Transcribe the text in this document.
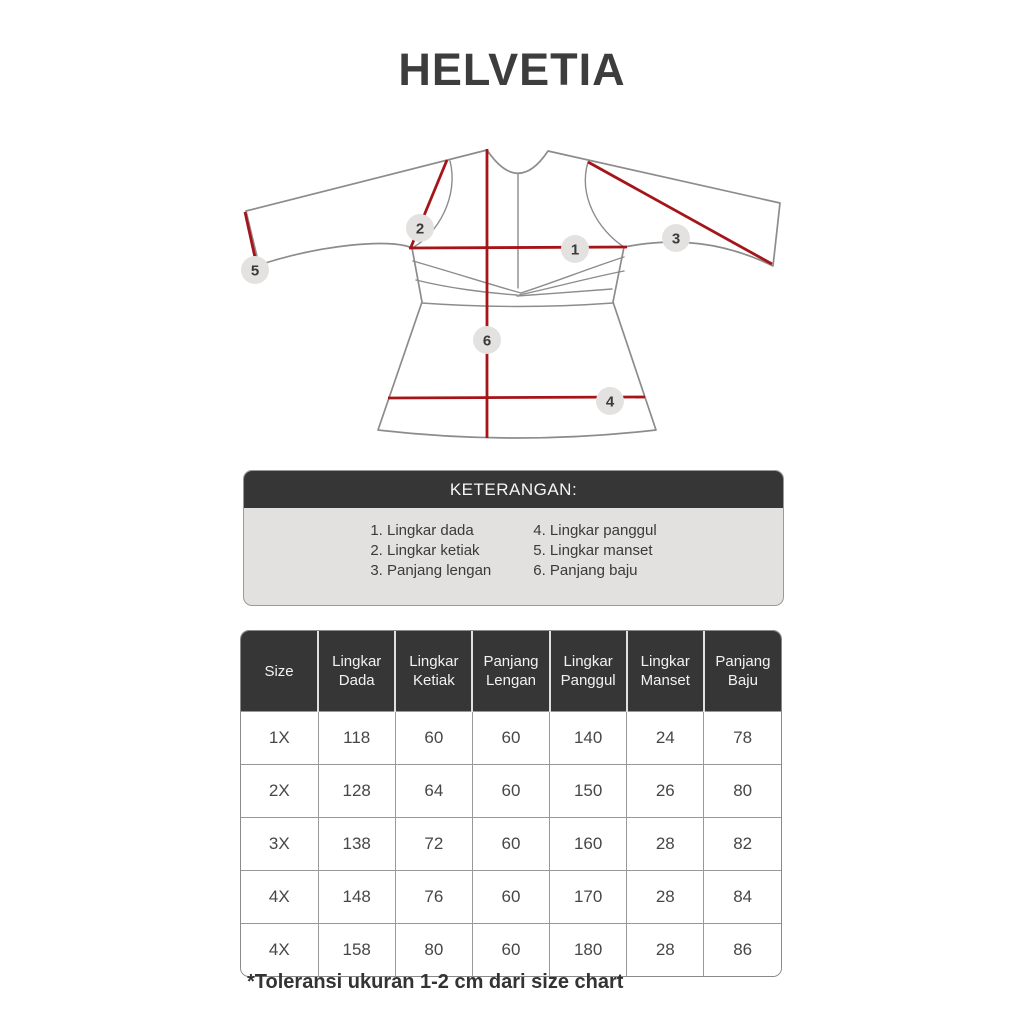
HELVETIA
1
2
3
4
5
6
KETERANGAN:
1. Lingkar dada
2. Lingkar ketiak
3. Panjang lengan
4. Lingkar panggul
5. Lingkar manset
6. Panjang baju
Size	Lingkar Dada	Lingkar Ketiak	Panjang Lengan	Lingkar Panggul	Lingkar Manset	Panjang Baju
1X	118	60	60	140	24	78
2X	128	64	60	150	26	80
3X	138	72	60	160	28	82
4X	148	76	60	170	28	84
4X	158	80	60	180	28	86
*Toleransi ukuran 1-2 cm dari size chart
